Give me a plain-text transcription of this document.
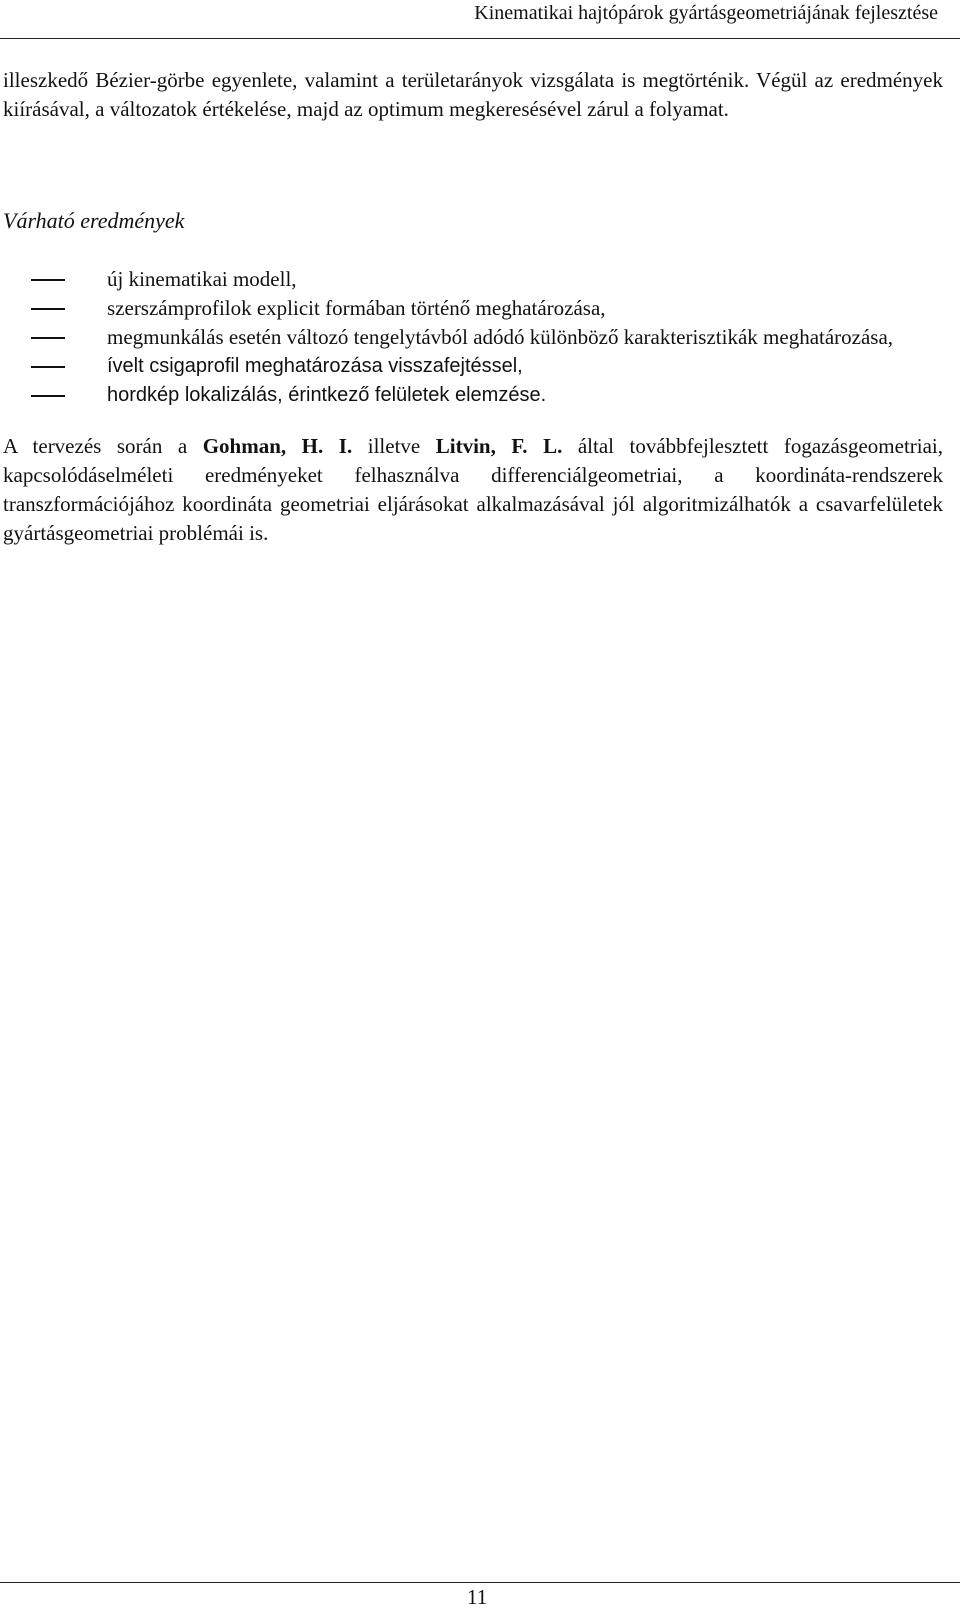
Kinematikai hajtópárok gyártásgeometriájának fejlesztése

illeszkedő Bézier-görbe egyenlete, valamint a területarányok vizsgálata is megtörténik. Végül az eredmények kiírásával, a változatok értékelése, majd az optimum megkeresésével zárul a folyamat.

Várható eredmények
új kinematikai modell,
szerszámprofilok explicit formában történő meghatározása,
megmunkálás esetén változó tengelytávból adódó különböző karakterisztikák meghatározása,
ívelt csigaprofil meghatározása visszafejtéssel,
hordkép lokalizálás, érintkező felületek elemzése.

A tervezés során a Gohman, H. I. illetve Litvin, F. L. által továbbfejlesztett fogazásgeometriai, kapcsolódáselméleti eredményeket felhasználva differenciálgeometriai, a koordináta-rendszerek transzformációjához koordináta geometriai eljárásokat alkalmazásával jól algoritmizálhatók a csavarfelületek gyártásgeometriai problémái is.

11
